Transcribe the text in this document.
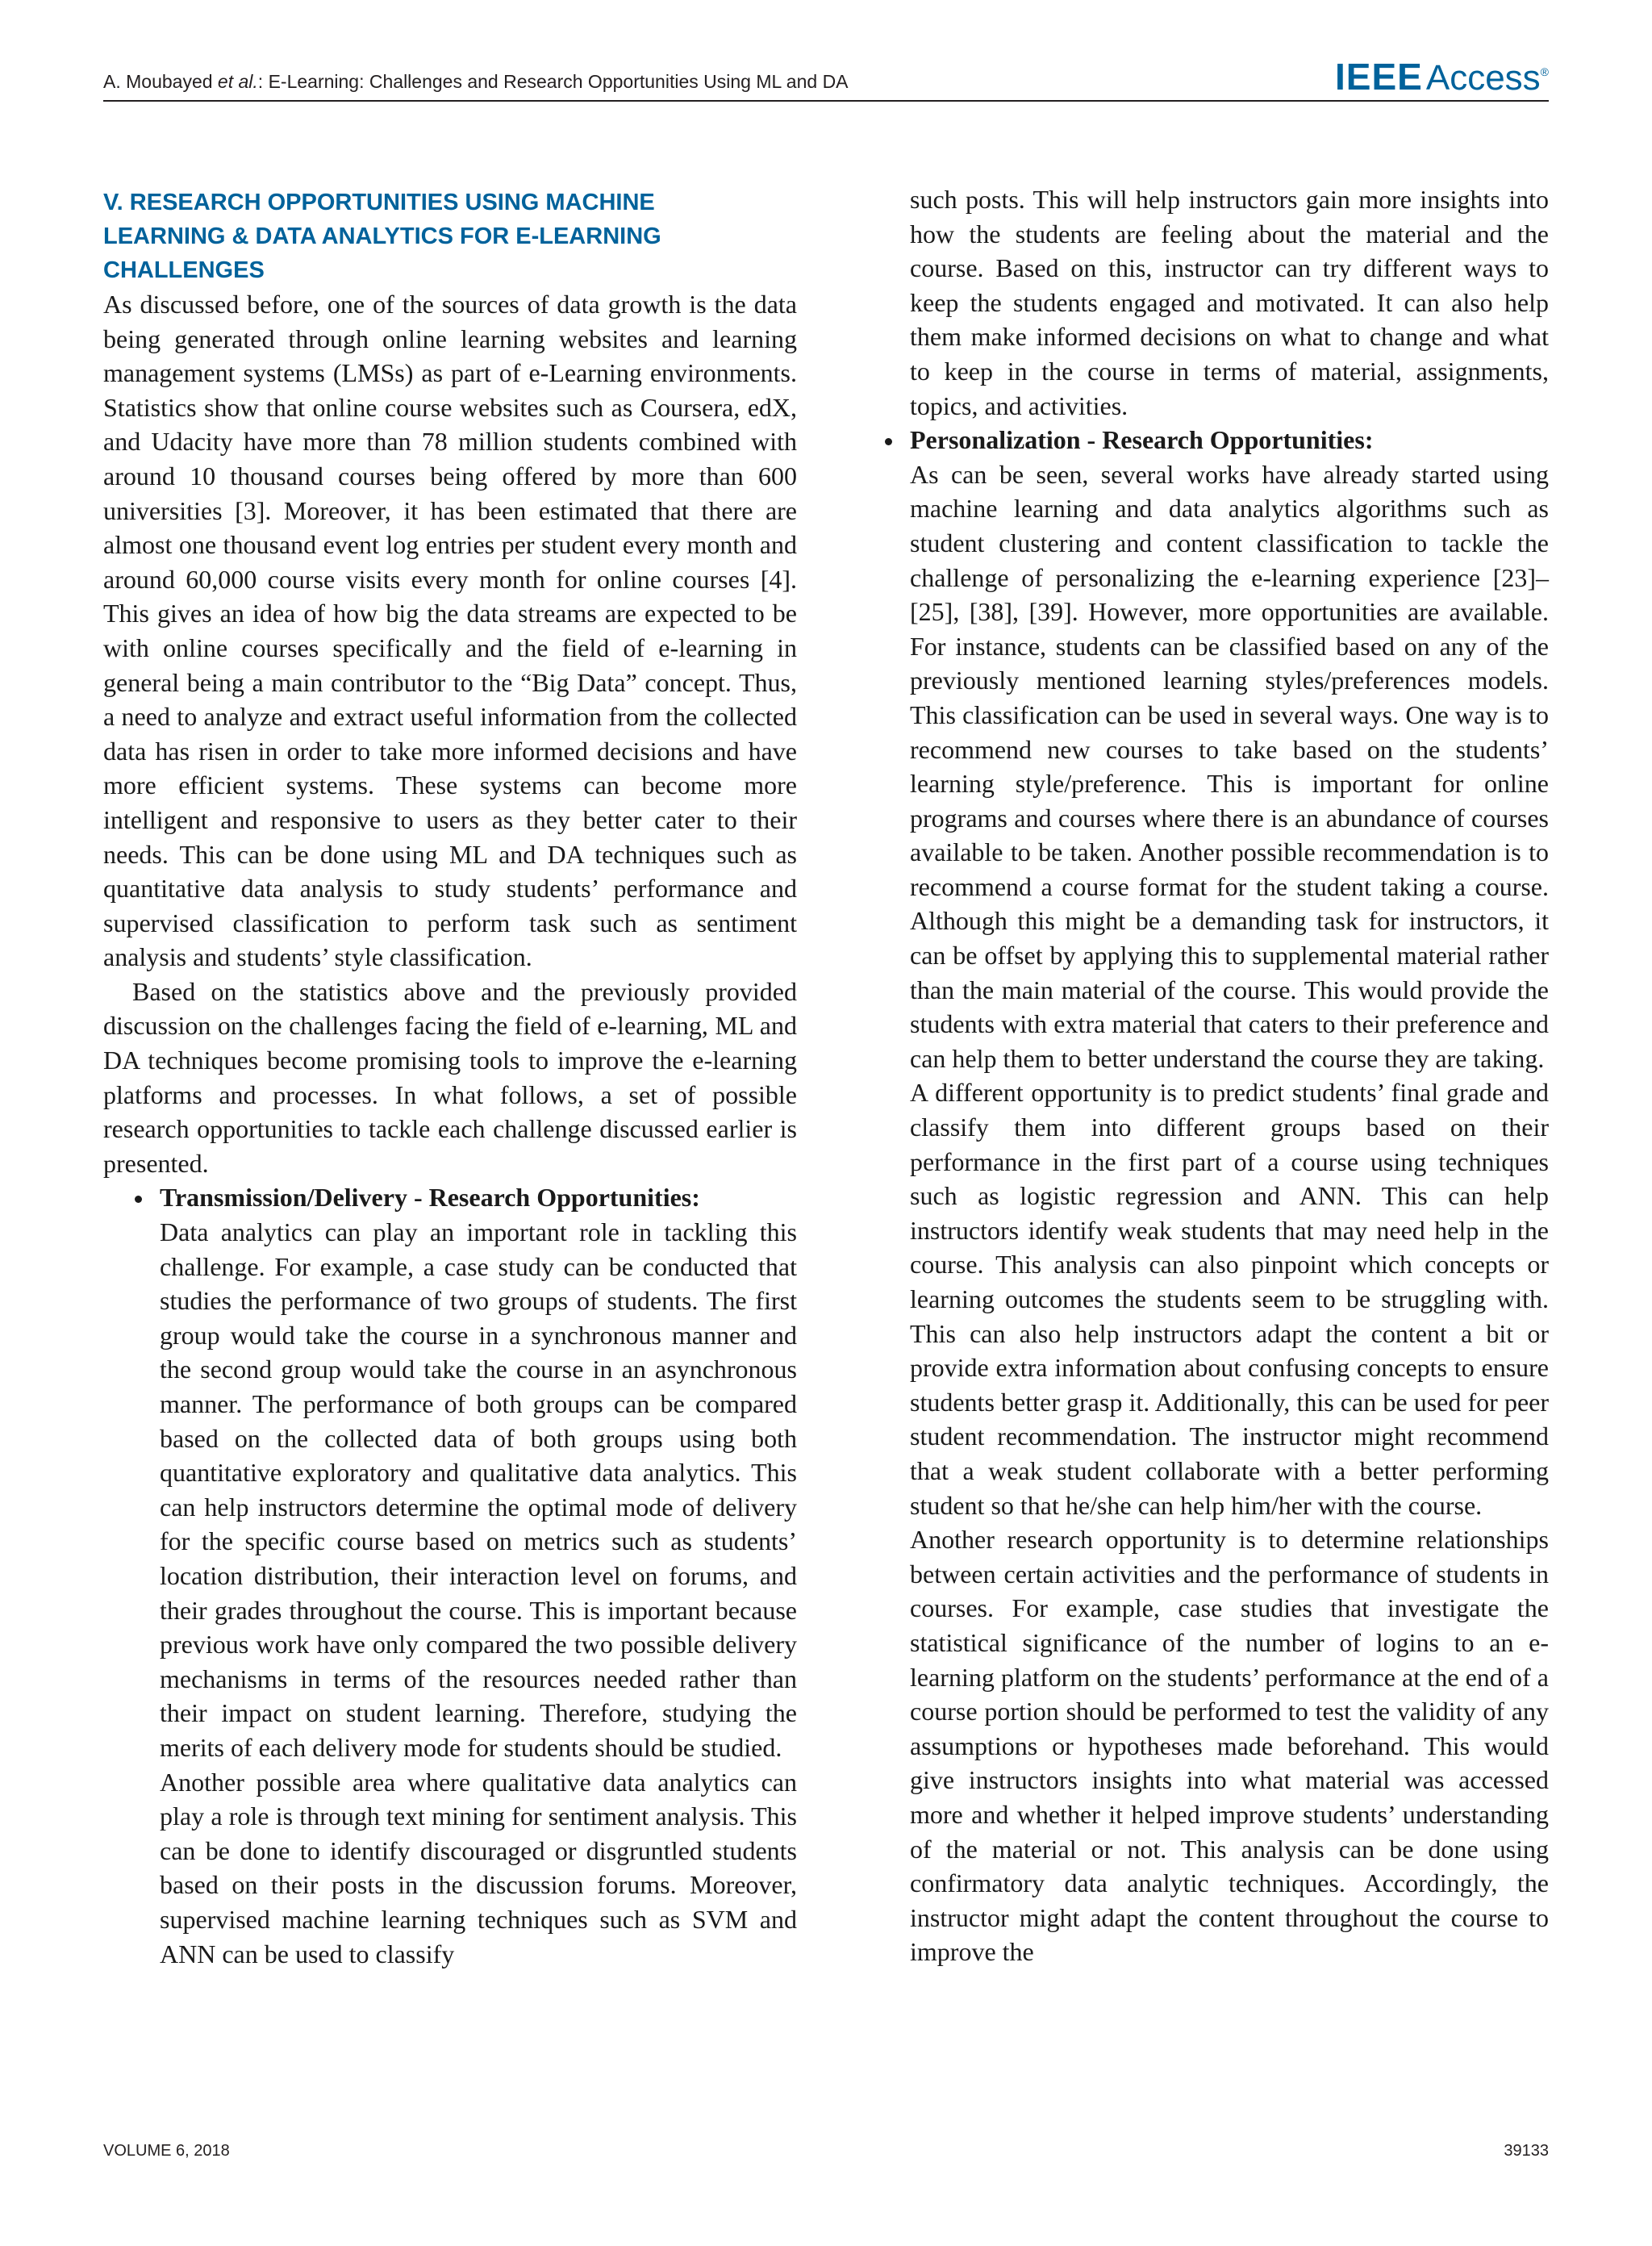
A. Moubayed et al.: E-Learning: Challenges and Research Opportunities Using ML and DA	IEEEAccess®
V. RESEARCH OPPORTUNITIES USING MACHINE LEARNING & DATA ANALYTICS FOR E-LEARNING CHALLENGES

As discussed before, one of the sources of data growth is the data being generated through online learning websites and learning management systems (LMSs) as part of e-Learning environments. Statistics show that online course websites such as Coursera, edX, and Udacity have more than 78 million students combined with around 10 thousand courses being offered by more than 600 universities [3]. Moreover, it has been estimated that there are almost one thousand event log entries per student every month and around 60,000 course visits every month for online courses [4]. This gives an idea of how big the data streams are expected to be with online courses specifically and the field of e-learning in general being a main contributor to the “Big Data” concept. Thus, a need to analyze and extract useful information from the collected data has risen in order to take more informed decisions and have more efficient systems. These systems can become more intelligent and responsive to users as they better cater to their needs. This can be done using ML and DA techniques such as quantitative data analysis to study students’ performance and supervised classification to perform task such as sentiment analysis and students’ style classification.

Based on the statistics above and the previously provided discussion on the challenges facing the field of e-learning, ML and DA techniques become promising tools to improve the e-learning platforms and processes. In what follows, a set of possible research opportunities to tackle each challenge discussed earlier is presented.

Transmission/Delivery - Research Opportunities:

Data analytics can play an important role in tackling this challenge. For example, a case study can be conducted that studies the performance of two groups of students. The first group would take the course in a synchronous manner and the second group would take the course in an asynchronous manner. The performance of both groups can be compared based on the collected data of both groups using both quantitative exploratory and qualitative data analytics. This can help instructors determine the optimal mode of delivery for the specific course based on metrics such as students’ location distribution, their interaction level on forums, and their grades throughout the course. This is important because previous work have only compared the two possible delivery mechanisms in terms of the resources needed rather than their impact on student learning. Therefore, studying the merits of each delivery mode for students should be studied.

Another possible area where qualitative data analytics can play a role is through text mining for sentiment analysis. This can be done to identify discouraged or disgruntled students based on their posts in the discussion forums. Moreover, supervised machine learning techniques such as SVM and ANN can be used to classify

such posts. This will help instructors gain more insights into how the students are feeling about the material and the course. Based on this, instructor can try different ways to keep the students engaged and motivated. It can also help them make informed decisions on what to change and what to keep in the course in terms of material, assignments, topics, and activities.

Personalization - Research Opportunities:

As can be seen, several works have already started using machine learning and data analytics algorithms such as student clustering and content classification to tackle the challenge of personalizing the e-learning experience [23]–[25], [38], [39]. However, more opportunities are available. For instance, students can be classified based on any of the previously mentioned learning styles/preferences models. This classification can be used in several ways. One way is to recommend new courses to take based on the students’ learning style/preference. This is important for online programs and courses where there is an abundance of courses available to be taken. Another possible recommendation is to recommend a course format for the student taking a course. Although this might be a demanding task for instructors, it can be offset by applying this to supplemental material rather than the main material of the course. This would provide the students with extra material that caters to their preference and can help them to better understand the course they are taking.

A different opportunity is to predict students’ final grade and classify them into different groups based on their performance in the first part of a course using techniques such as logistic regression and ANN. This can help instructors identify weak students that may need help in the course. This analysis can also pinpoint which concepts or learning outcomes the students seem to be struggling with. This can also help instructors adapt the content a bit or provide extra information about confusing concepts to ensure students better grasp it. Additionally, this can be used for peer student recommendation. The instructor might recommend that a weak student collaborate with a better performing student so that he/she can help him/her with the course.

Another research opportunity is to determine relationships between certain activities and the performance of students in courses. For example, case studies that investigate the statistical significance of the number of logins to an e-learning platform on the students’ performance at the end of a course portion should be performed to test the validity of any assumptions or hypotheses made beforehand. This would give instructors insights into what material was accessed more and whether it helped improve students’ understanding of the material or not. This analysis can be done using confirmatory data analytic techniques. Accordingly, the instructor might adapt the content throughout the course to improve the

VOLUME 6, 2018	39133
